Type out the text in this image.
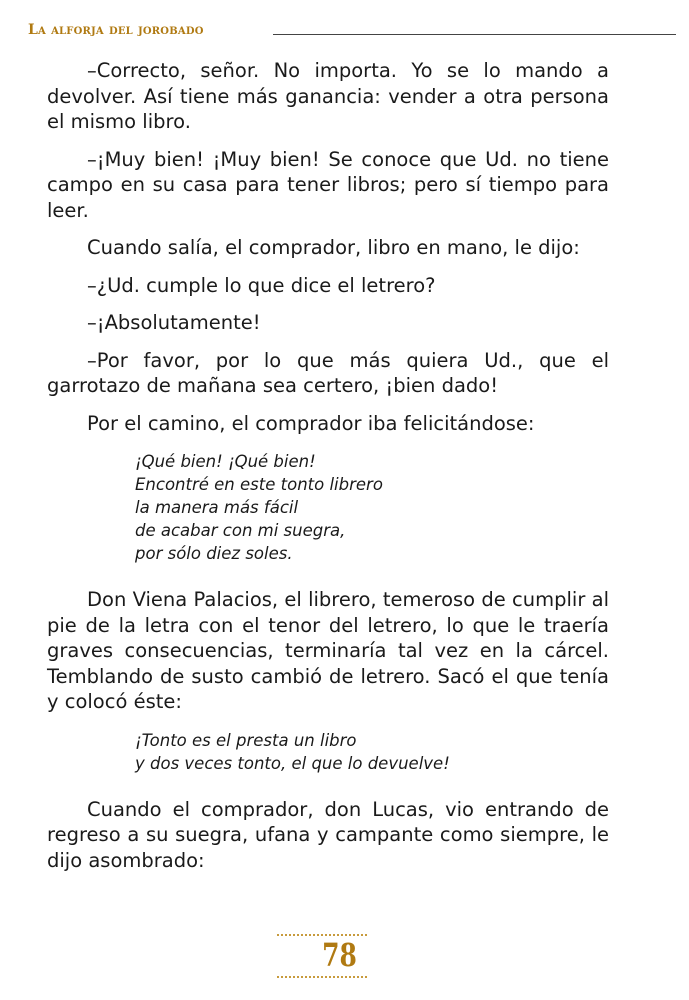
La alforja del jorobado

–Correcto, señor. No importa. Yo se lo mando a devolver. Así tiene más ganancia: vender a otra persona el mismo libro.

–¡Muy bien! ¡Muy bien! Se conoce que Ud. no tiene campo en su casa para tener libros; pero sí tiempo para leer.

Cuando salía, el comprador, libro en mano, le dijo:

–¿Ud. cumple lo que dice el letrero?

–¡Absolutamente!

–Por favor, por lo que más quiera Ud., que el garrotazo de mañana sea certero, ¡bien dado!

Por el camino, el comprador iba felicitándose:

¡Qué bien! ¡Qué bien!
Encontré en este tonto librero
la manera más fácil
de acabar con mi suegra,
por sólo diez soles.

Don Viena Palacios, el librero, temeroso de cumplir al pie de la letra con el tenor del letrero, lo que le traería graves consecuencias, terminaría tal vez en la cárcel. Temblando de susto cambió de letrero. Sacó el que tenía y colocó éste:

¡Tonto es el presta un libro
y dos veces tonto, el que lo devuelve!

Cuando el comprador, don Lucas, vio entrando de regreso a su suegra, ufana y campante como siempre, le dijo asombrado:

78
